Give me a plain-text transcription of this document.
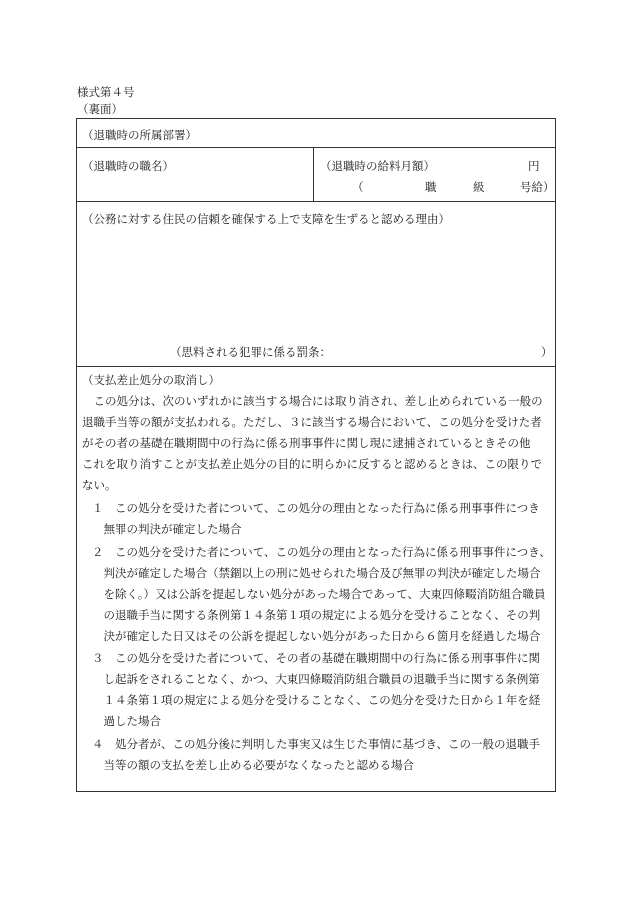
様式第４号
（裏面）
（退職時の所属部署）
（退職時の職名）	（退職時の給料月額）	円
（	職	級	号給）
（公務に対する住民の信頼を確保する上で支障を生ずると認める理由）
（思料される犯罪に係る罰条：	）
（支払差止処分の取消し）
　この処分は、次のいずれかに該当する場合には取り消され、差し止められている一般の
退職手当等の額が支払われる。ただし、３に該当する場合において、この処分を受けた者
がその者の基礎在職期間中の行為に係る刑事事件に関し現に逮捕されているときその他
これを取り消すことが支払差止処分の目的に明らかに反すると認めるときは、この限りで
ない。
１　この処分を受けた者について、この処分の理由となった行為に係る刑事事件につき
　無罪の判決が確定した場合
２　この処分を受けた者について、この処分の理由となった行為に係る刑事事件につき、
　判決が確定した場合（禁錮以上の刑に処せられた場合及び無罪の判決が確定した場合
　を除く。）又は公訴を提起しない処分があった場合であって、大東四條畷消防組合職員
　の退職手当に関する条例第１４条第１項の規定による処分を受けることなく、その判
　決が確定した日又はその公訴を提起しない処分があった日から６箇月を経過した場合
３　この処分を受けた者について、その者の基礎在職期間中の行為に係る刑事事件に関
　し起訴をされることなく、かつ、大東四條畷消防組合職員の退職手当に関する条例第
　１４条第１項の規定による処分を受けることなく、この処分を受けた日から１年を経
　過した場合
４　処分者が、この処分後に判明した事実又は生じた事情に基づき、この一般の退職手
　当等の額の支払を差し止める必要がなくなったと認める場合
